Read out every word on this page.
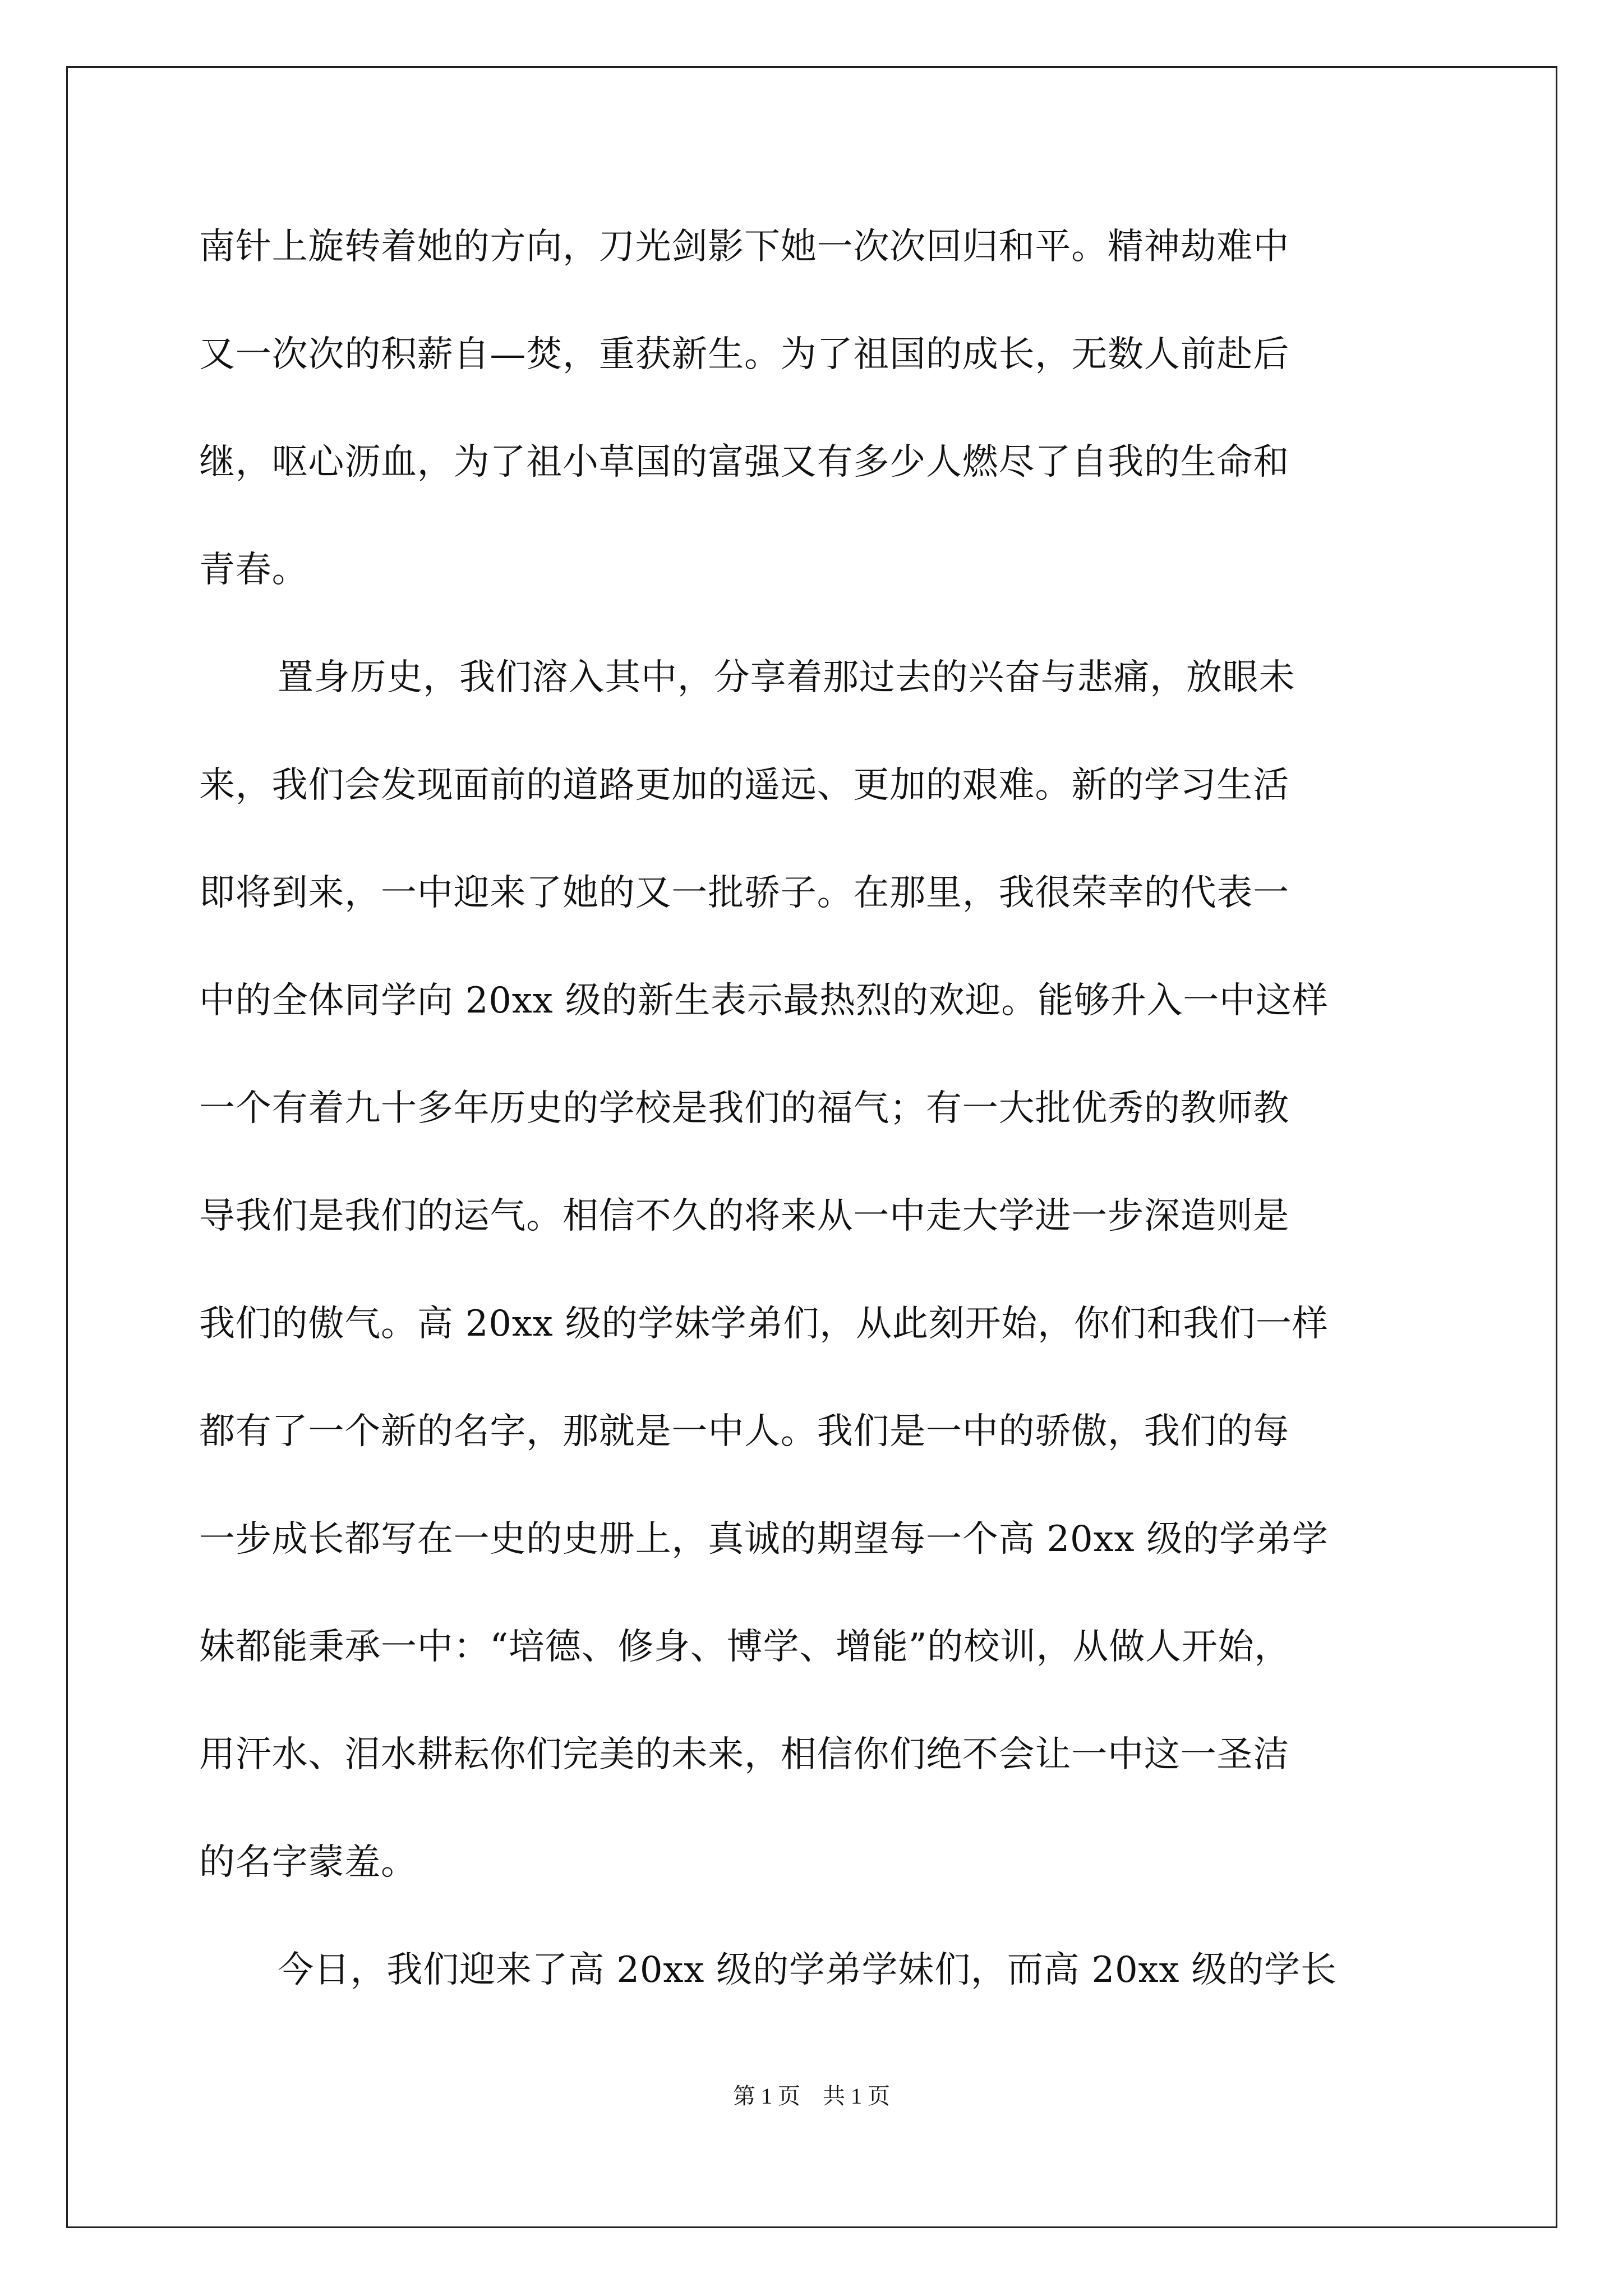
南针上旋转着她的方向，刀光剑影下她一次次回归和平。精神劫难中
又一次次的积薪自—焚，重获新生。为了祖国的成长，无数人前赴后
继，呕心沥血，为了祖小草国的富强又有多少人燃尽了自我的生命和
青春。
置身历史，我们溶入其中，分享着那过去的兴奋与悲痛，放眼未
来，我们会发现面前的道路更加的遥远、更加的艰难。新的学习生活
即将到来，一中迎来了她的又一批骄子。在那里，我很荣幸的代表一
中的全体同学向 20xx 级的新生表示最热烈的欢迎。能够升入一中这样
一个有着九十多年历史的学校是我们的福气；有一大批优秀的教师教
导我们是我们的运气。相信不久的将来从一中走大学进一步深造则是
我们的傲气。高 20xx 级的学妹学弟们，从此刻开始，你们和我们一样
都有了一个新的名字，那就是一中人。我们是一中的骄傲，我们的每
一步成长都写在一史的史册上，真诚的期望每一个高 20xx 级的学弟学
妹都能秉承一中：“培德、修身、博学、增能”的校训，从做人开始，
用汗水、泪水耕耘你们完美的未来，相信你们绝不会让一中这一圣洁
的名字蒙羞。
今日，我们迎来了高 20xx 级的学弟学妹们，而高 20xx 级的学长
第 1 页 共 1 页
